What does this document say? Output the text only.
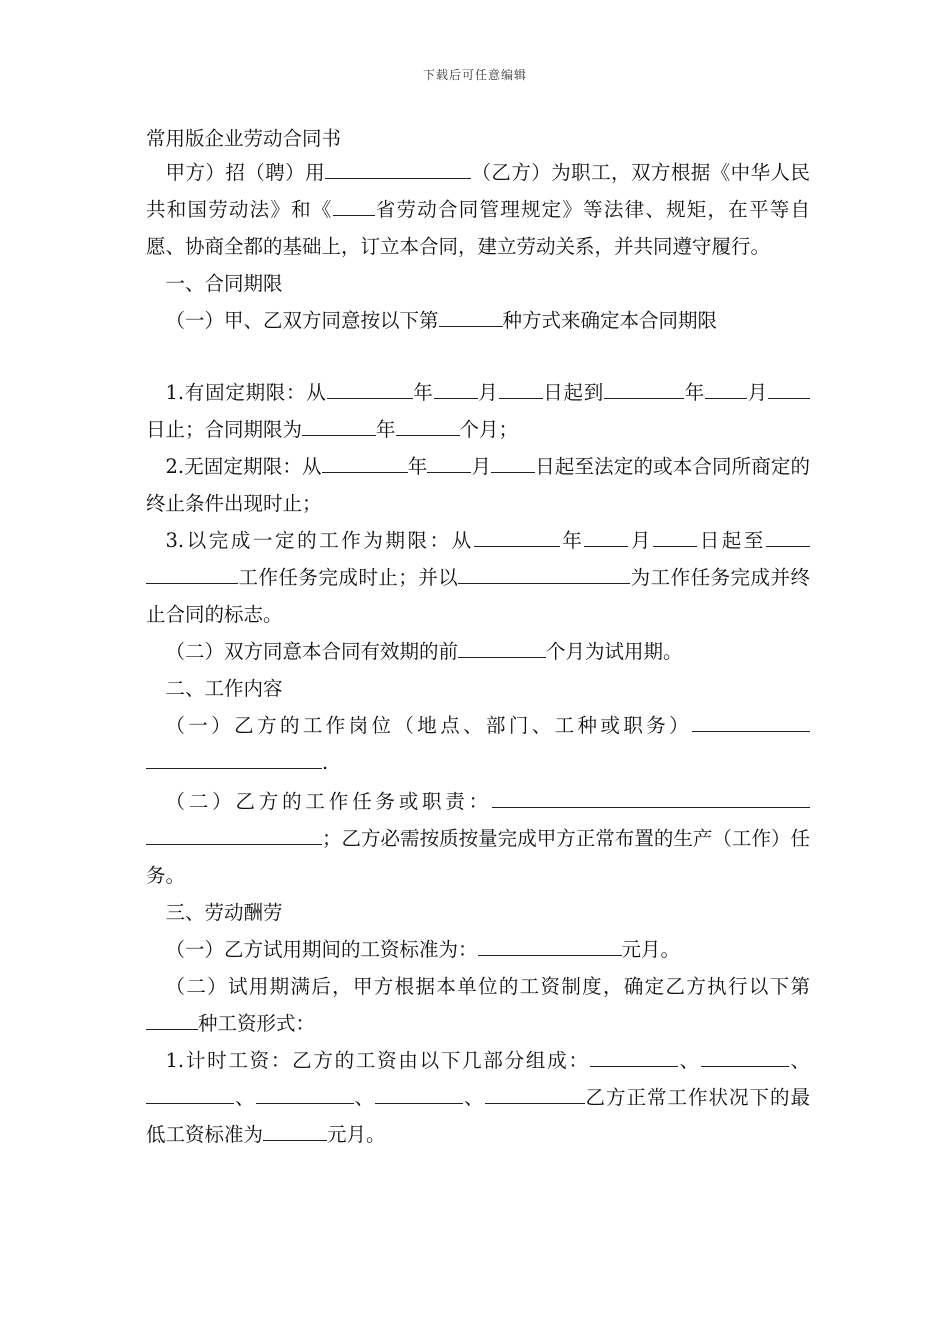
下载后可任意编辑
常用版企业劳动合同书

甲方）招（聘）用	（乙方）为职工，双方根据《中华人民共和国劳动法》和《 省劳动合同管理规定》等法律、规矩，在平等自愿、协商全都的基础上，订立本合同，建立劳动关系，并共同遵守履行。

一、合同期限

（一）甲、乙双方同意按以下第	种方式来确定本合同期限

1.有固定期限：从	年 月 日起到	年 月日止；合同期限为	年	个月；

2.无固定期限：从	年 月 日起至法定的或本合同所商定的终止条件出现时止；

3.以完成一定的工作为期限：从	年 月 日起至工作任务完成时止；并以	为工作任务完成并终止合同的标志。

（二）双方同意本合同有效期的前	个月为试用期。

二、工作内容

（一）乙方的工作岗位（地点、部门、工种或职务）.

（二）乙方的工作任务或职责：；乙方必需按质按量完成甲方正常布置的生产（工作）任务。

三、劳动酬劳

（一）乙方试用期间的工资标准为：	元月。

（二）试用期满后，甲方根据本单位的工资制度，确定乙方执行以下第种工资形式：

1.计时工资：乙方的工资由以下几部分组成：	、	、、	、	、	乙方正常工作状况下的最低工资标准为	元月。
